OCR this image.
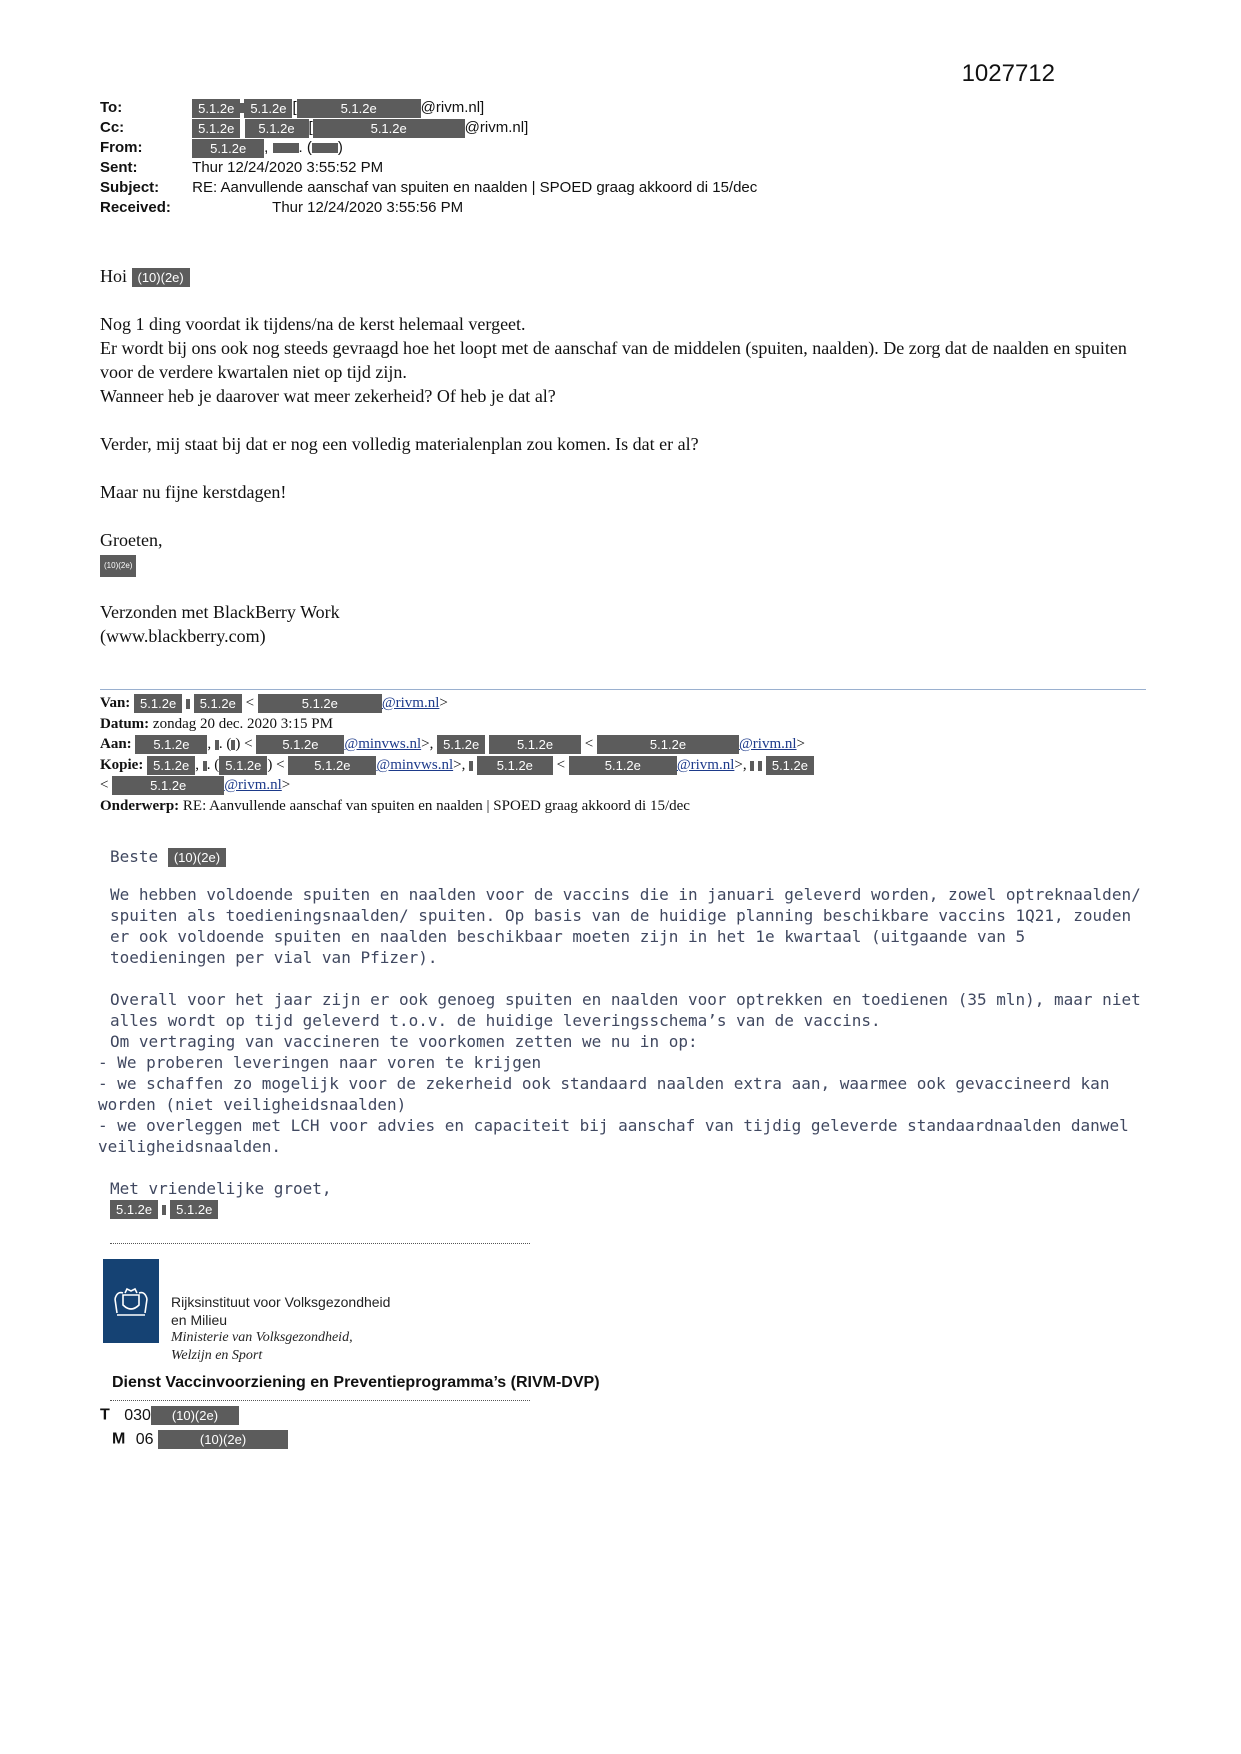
1027712
To:	5.1.2e 5.1.2e [	5.1.2e	@rivm.nl]
Cc:	5.1.2e 5.1.2e [	5.1.2e	@rivm.nl]
From:	5.1.2e , . ( )
Sent:	Thur 12/24/2020 3:55:52 PM
Subject: RE: Aanvullende aanschaf van spuiten en naalden | SPOED graag akkoord di 15/dec
Received:	Thur 12/24/2020 3:55:56 PM
Hoi (10)(2e)

Nog 1 ding voordat ik tijdens/na de kerst helemaal vergeet.

Er wordt bij ons ook nog steeds gevraagd hoe het loopt met de aanschaf van de middelen (spuiten, naalden). De zorg dat de naalden en spuiten voor de verdere kwartalen niet op tijd zijn.

Wanneer heb je daarover wat meer zekerheid? Of heb je dat al?

Verder, mij staat bij dat er nog een volledig materialenplan zou komen. Is dat er al?

Maar nu fijne kerstdagen!

Groeten,

(10)(2e)

Verzonden met BlackBerry Work

(www.blackberry.com)

Van: 5.1.2e 5.1.2e <	5.1.2e	@rivm.nl>
Datum: zondag 20 dec. 2020 3:15 PM
Aan: 5.1.2e , . ( ) < 5.1.2e @minvws.nl>, 5.1.2e	5.1.2e <	5.1.2e	@rivm.nl>
Kopie: 5.1.2e , . ( 5.1.2e ) < 5.1.2e @minvws.nl>,  5.1.2e <	5.1.2e @rivm.nl>,   5.1.2e
<	5.1.2e	@rivm.nl>
Onderwerp: RE: Aanvullende aanschaf van spuiten en naalden | SPOED graag akkoord di 15/dec
Beste (10)(2e)

We hebben voldoende spuiten en naalden voor de vaccins die in januari geleverd worden, zowel optreknaalden/ spuiten als toedieningsnaalden/ spuiten. Op basis van de huidige planning beschikbare vaccins 1Q21, zouden er ook voldoende spuiten en naalden beschikbaar moeten zijn in het 1e kwartaal (uitgaande van 5 toedieningen per vial van Pfizer).

Overall voor het jaar zijn er ook genoeg spuiten en naalden voor optrekken en toedienen (35 mln), maar niet alles wordt op tijd geleverd t.o.v. de huidige leveringsschema’s van de vaccins.

Om vertraging van vaccineren te voorkomen zetten we nu in op:

- We proberen leveringen naar voren te krijgen

- we schaffen zo mogelijk voor de zekerheid ook standaard naalden extra aan, waarmee ook gevaccineerd kan worden (niet veiligheidsnaalden)

- we overleggen met LCH voor advies en capaciteit bij aanschaf van tijdig geleverde standaardnaalden danwel veiligheidsnaalden.

Met vriendelijke groet,

5.1.2e 5.1.2e
Rijksinstituut voor Volksgezondheid
en Milieu
Ministerie van Volksgezondheid,
Welzijn en Sport
Dienst Vaccinvoorziening en Preventieprogramma’s (RIVM-DVP)
T 030 (10)(2e)
M 06	(10)(2e)
